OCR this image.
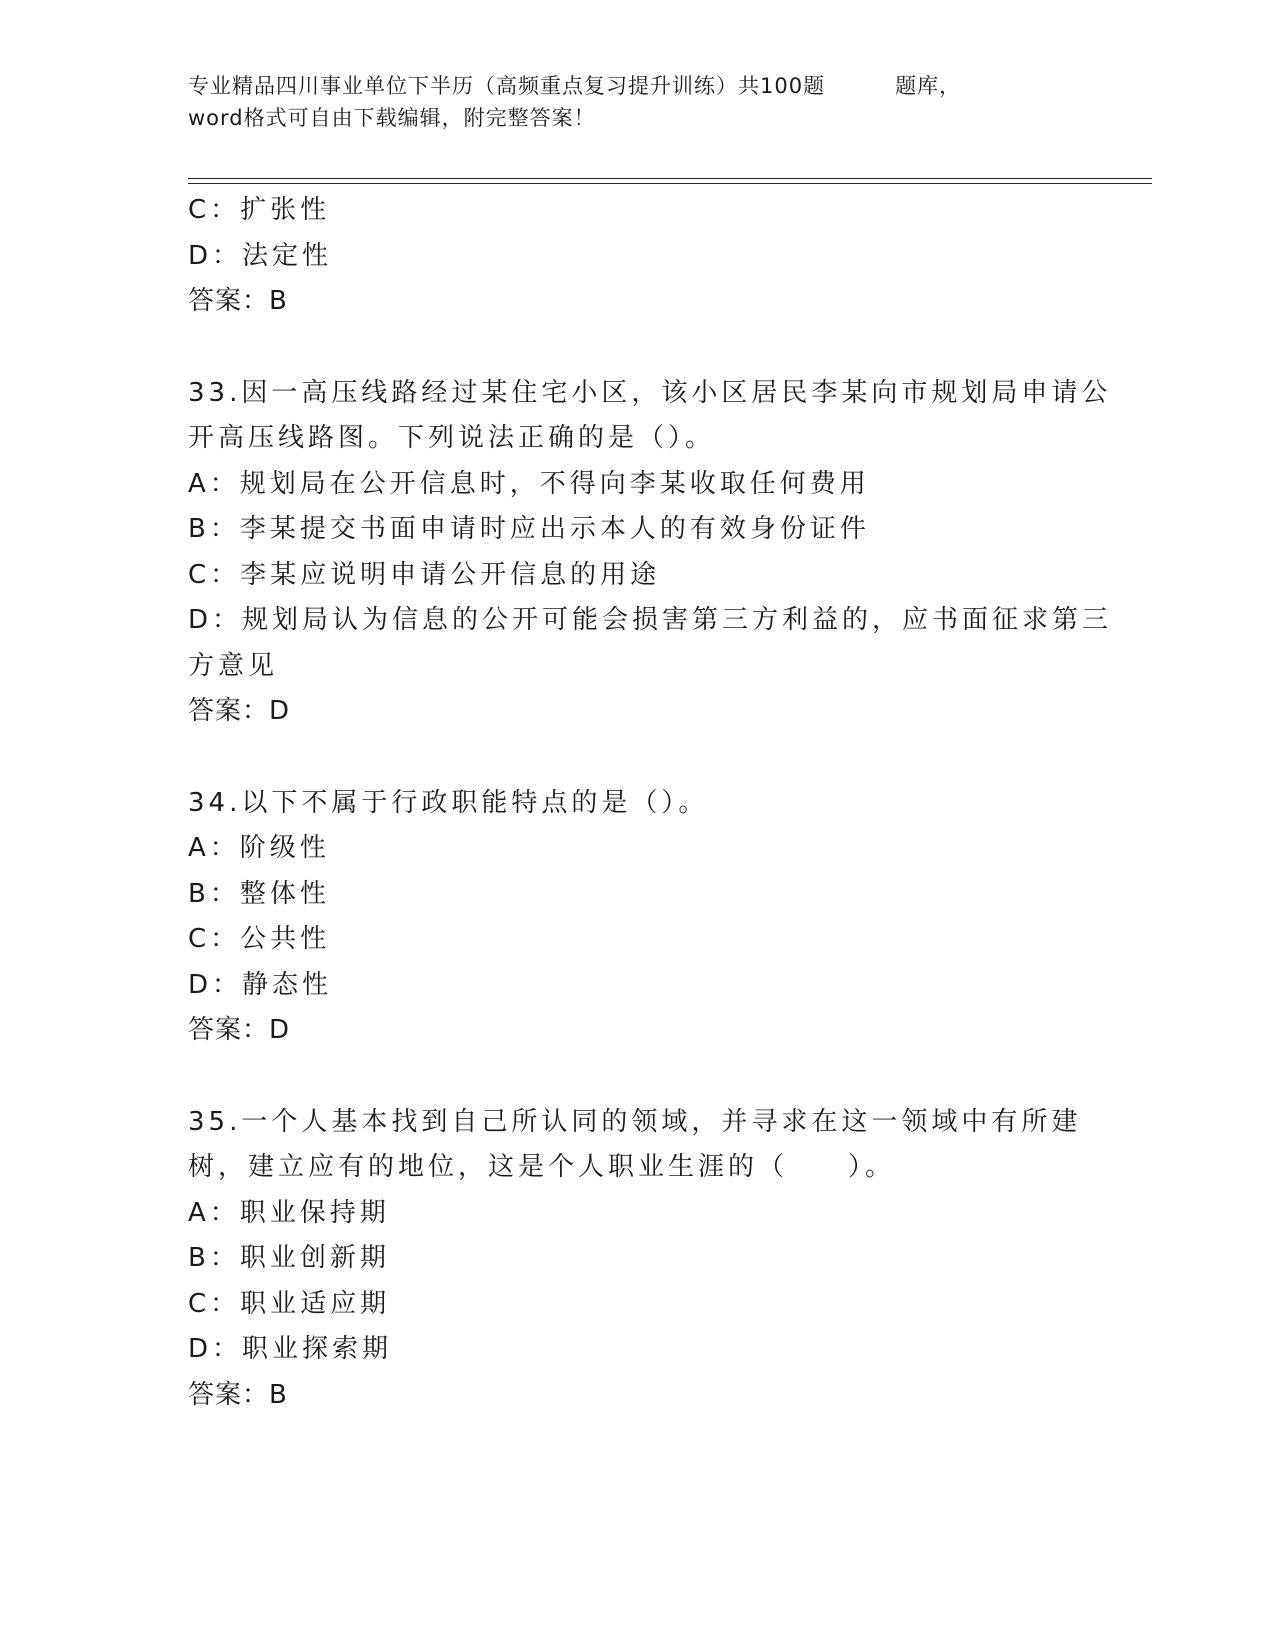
专业精品四川事业单位下半历（高频重点复习提升训练）共100题	题库，
word格式可自由下载编辑，附完整答案！
C：扩张性
D：法定性
答案：B
33.因一高压线路经过某住宅小区，该小区居民李某向市规划局申请公开高压线路图。下列说法正确的是（）。
A：规划局在公开信息时，不得向李某收取任何费用
B：李某提交书面申请时应出示本人的有效身份证件
C：李某应说明申请公开信息的用途
D：规划局认为信息的公开可能会损害第三方利益的，应书面征求第三方意见
答案：D
34.以下不属于行政职能特点的是（）。
A：阶级性
B：整体性
C：公共性
D：静态性
答案：D
35.一个人基本找到自己所认同的领域，并寻求在这一领域中有所建树，建立应有的地位，这是个人职业生涯的（　　）。
A：职业保持期
B：职业创新期
C：职业适应期
D：职业探索期
答案：B
